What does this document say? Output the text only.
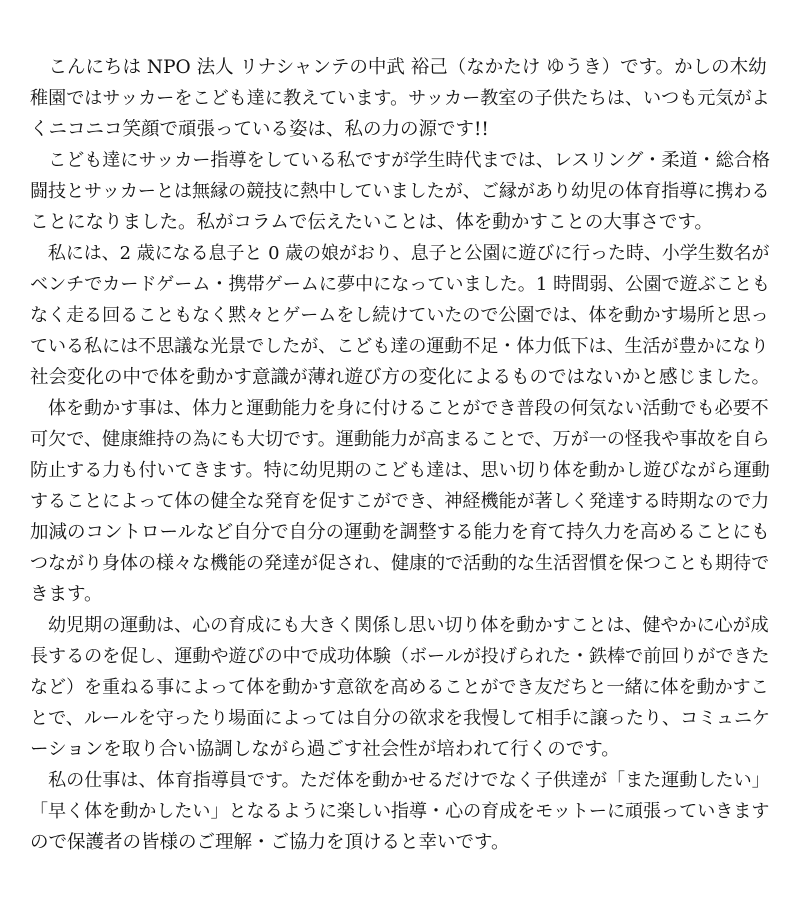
　こんにちは NPO 法人 リナシャンテの中武 裕己（なかたけ ゆうき）です。かしの木幼
稚園ではサッカーをこども達に教えています。サッカー教室の子供たちは、いつも元気がよ
くニコニコ笑顔で頑張っている姿は、私の力の源です!!
　こども達にサッカー指導をしている私ですが学生時代までは、レスリング・柔道・総合格
闘技とサッカーとは無縁の競技に熱中していましたが、ご縁があり幼児の体育指導に携わる
ことになりました。私がコラムで伝えたいことは、体を動かすことの大事さです。
　私には、2 歳になる息子と 0 歳の娘がおり、息子と公園に遊びに行った時、小学生数名が
ベンチでカードゲーム・携帯ゲームに夢中になっていました。1 時間弱、公園で遊ぶことも
なく走る回ることもなく黙々とゲームをし続けていたので公園では、体を動かす場所と思っ
ている私には不思議な光景でしたが、こども達の運動不足・体力低下は、生活が豊かになり
社会変化の中で体を動かす意識が薄れ遊び方の変化によるものではないかと感じました。
　体を動かす事は、体力と運動能力を身に付けることができ普段の何気ない活動でも必要不
可欠で、健康維持の為にも大切です。運動能力が高まることで、万が一の怪我や事故を自ら
防止する力も付いてきます。特に幼児期のこども達は、思い切り体を動かし遊びながら運動
することによって体の健全な発育を促すこができ、神経機能が著しく発達する時期なので力
加減のコントロールなど自分で自分の運動を調整する能力を育て持久力を高めることにも
つながり身体の様々な機能の発達が促され、健康的で活動的な生活習慣を保つことも期待で
きます。
　幼児期の運動は、心の育成にも大きく関係し思い切り体を動かすことは、健やかに心が成
長するのを促し、運動や遊びの中で成功体験（ボールが投げられた・鉄棒で前回りができた
など）を重ねる事によって体を動かす意欲を高めることができ友だちと一緒に体を動かすこ
とで、ルールを守ったり場面によっては自分の欲求を我慢して相手に譲ったり、コミュニケ
ーションを取り合い協調しながら過ごす社会性が培われて行くのです。
　私の仕事は、体育指導員です。ただ体を動かせるだけでなく子供達が「また運動したい」
「早く体を動かしたい」となるように楽しい指導・心の育成をモットーに頑張っていきます
ので保護者の皆様のご理解・ご協力を頂けると幸いです。
